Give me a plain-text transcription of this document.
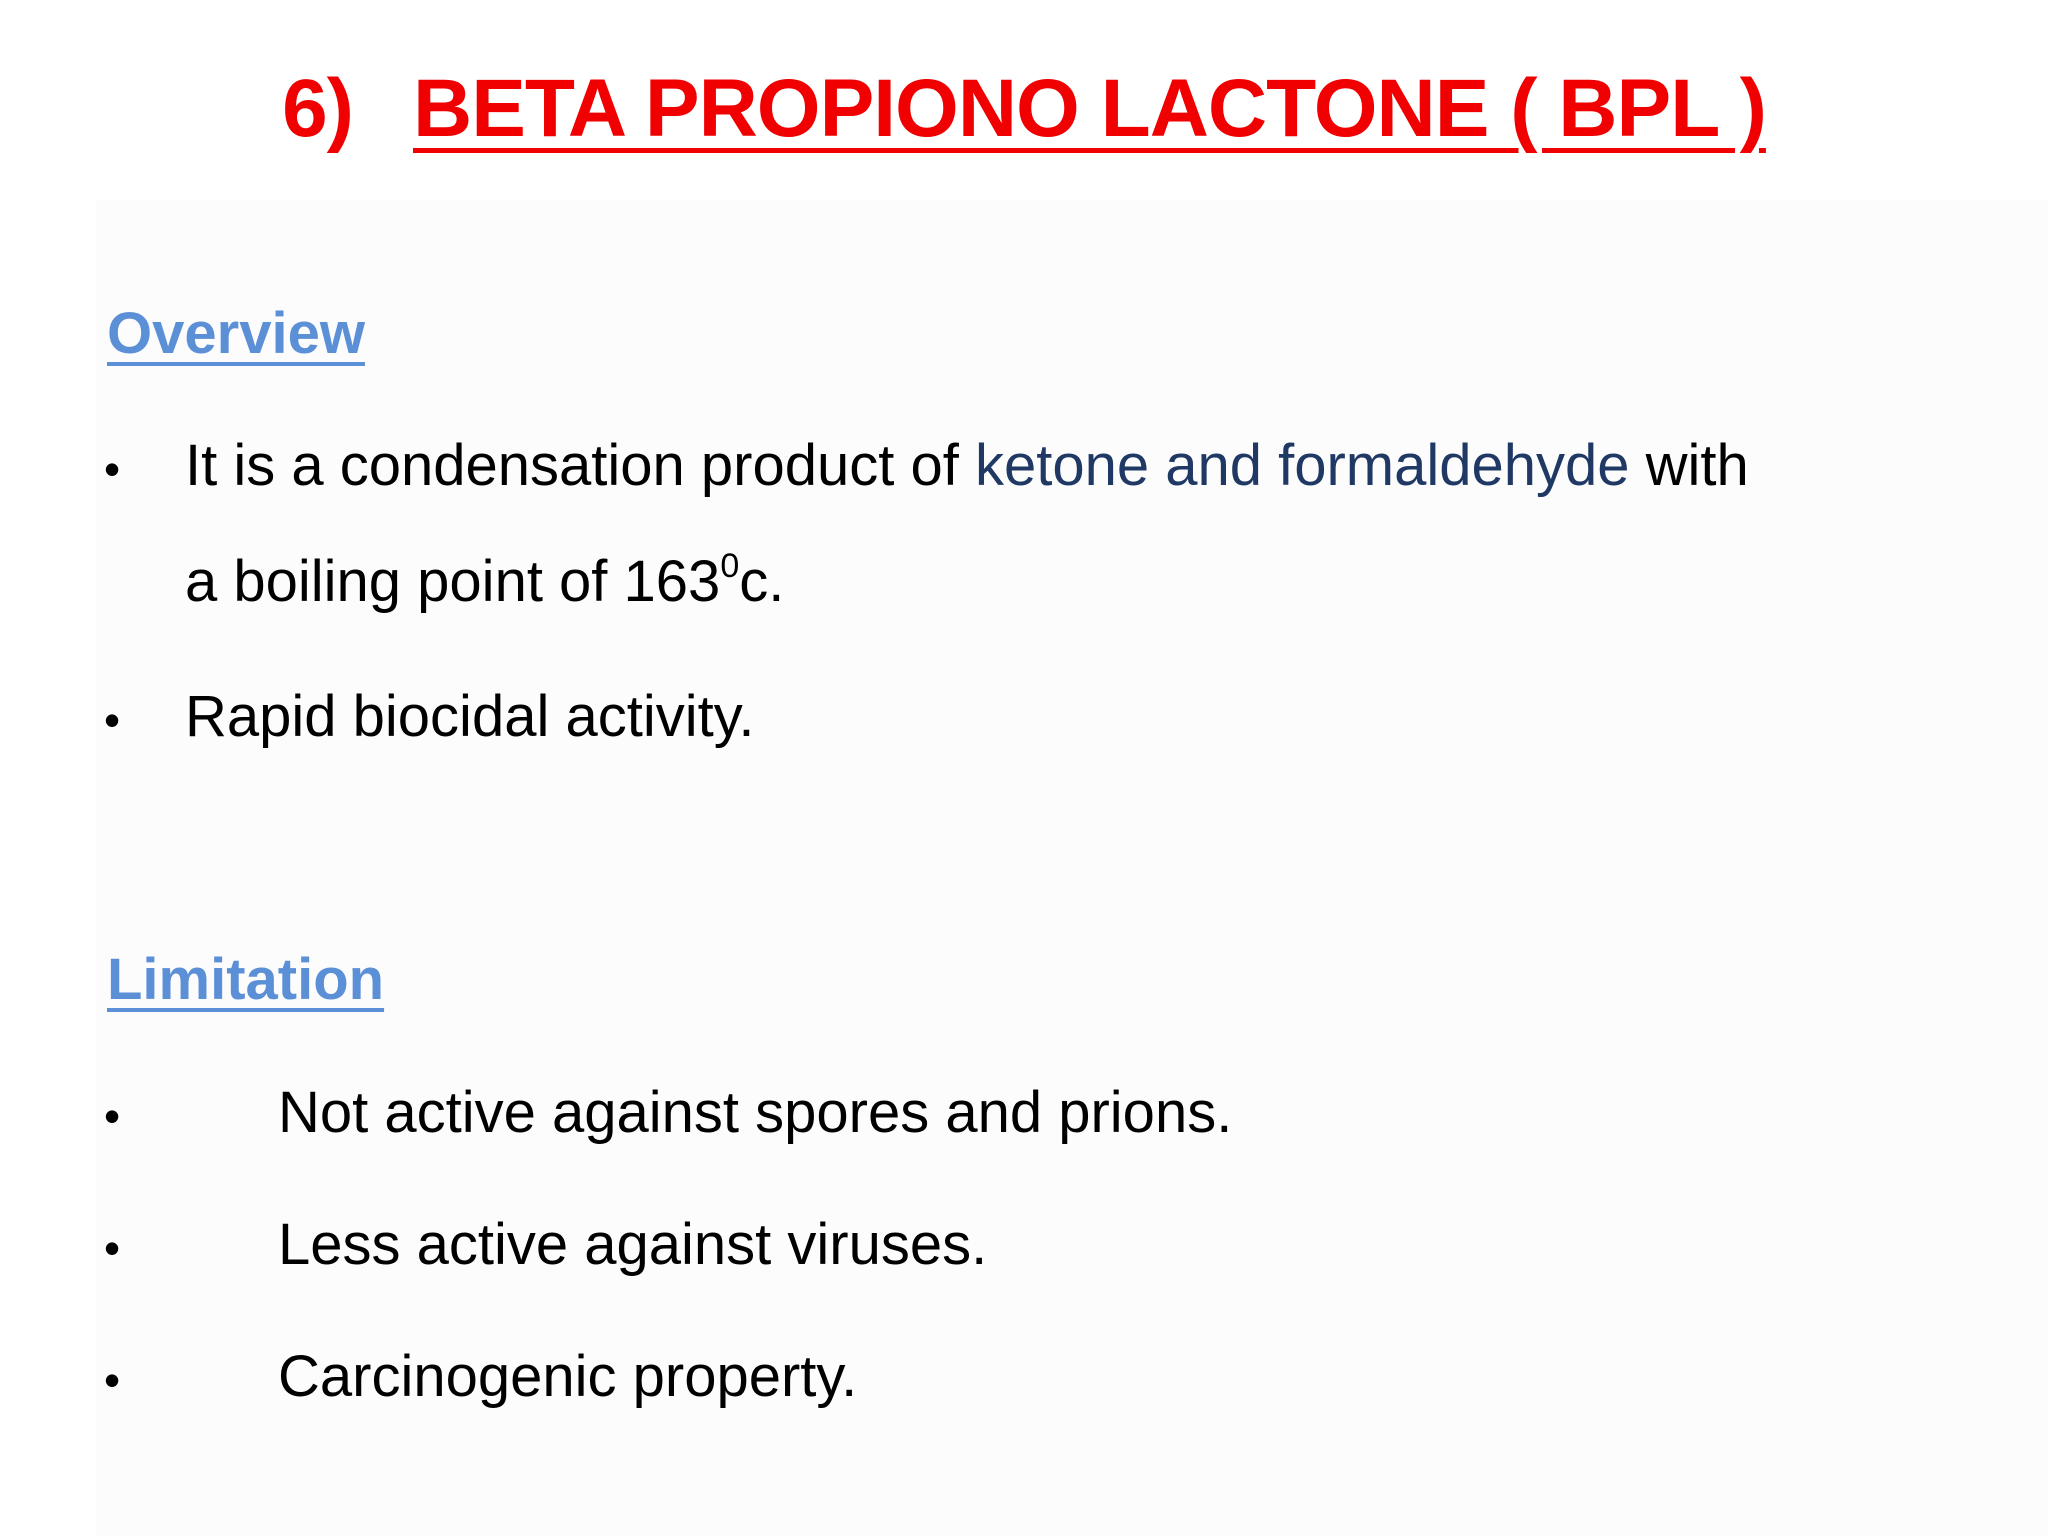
6) BETA PROPIONO LACTONE ( BPL )
Overview
• It is a condensation product of ketone and formaldehyde with
a boiling point of $163^0c$.
• Rapid biocidal activity.
Limitation
•	Not active against spores and prions.
•	Less active against viruses.
•	Carcinogenic property.
